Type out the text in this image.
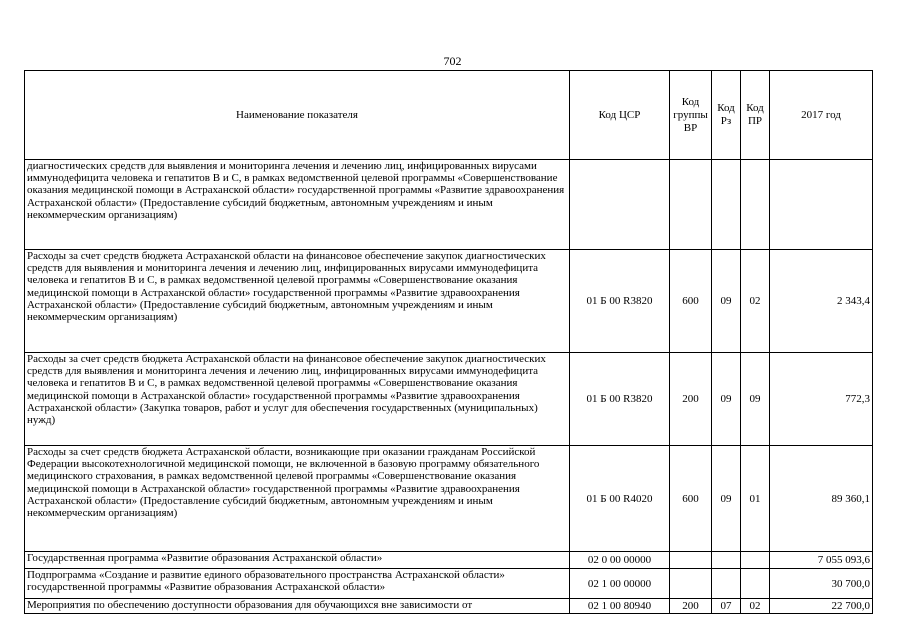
702
Наименование показателя	Код ЦСР	Код группы ВР	Код Рз	Код ПР	2017 год
диагностических средств для выявления и мониторинга лечения и лечению лиц, инфицированных вирусами иммунодефицита человека и гепатитов В и С, в рамках ведомственной целевой программы «Совершенствование оказания медицинской помощи в Астраханской области» государственной программы «Развитие здравоохранения Астраханской области» (Предоставление субсидий бюджетным, автономным учреждениям и иным некоммерческим организациям)					
Расходы за счет средств бюджета Астраханской области на финансовое обеспечение закупок диагностических средств для выявления и мониторинга лечения и лечению лиц, инфицированных вирусами иммунодефицита человека и гепатитов В и С, в рамках ведомственной целевой программы «Совершенствование оказания медицинской помощи в Астраханской области» государственной программы «Развитие здравоохранения Астраханской области» (Предоставление субсидий бюджетным, автономным учреждениям и иным некоммерческим организациям)	01 Б 00 R3820	600	09	02	2 343,4
Расходы за счет средств бюджета Астраханской области на финансовое обеспечение закупок диагностических средств для выявления и мониторинга лечения и лечению лиц, инфицированных вирусами иммунодефицита человека и гепатитов В и С, в рамках ведомственной целевой программы «Совершенствование оказания медицинской помощи в Астраханской области» государственной программы «Развитие здравоохранения Астраханской области» (Закупка товаров, работ и услуг для обеспечения государственных (муниципальных) нужд)	01 Б 00 R3820	200	09	09	772,3
Расходы за счет средств бюджета Астраханской области, возникающие при оказании гражданам Российской Федерации высокотехнологичной медицинской помощи, не включенной в базовую программу обязательного медицинского страхования, в рамках ведомственной целевой программы «Совершенствование оказания медицинской помощи в Астраханской области» государственной программы «Развитие здравоохранения Астраханской области» (Предоставление субсидий бюджетным, автономным учреждениям и иным некоммерческим организациям)	01 Б 00 R4020	600	09	01	89 360,1
Государственная программа «Развитие образования Астраханской области»	02 0 00 00000				7 055 093,6
Подпрограмма «Создание и развитие единого образовательного пространства Астраханской области» государственной программы «Развитие образования Астраханской области»	02 1 00 00000				30 700,0
Мероприятия по обеспечению доступности образования для обучающихся вне зависимости от	02 1 00 80940	200	07	02	22 700,0
